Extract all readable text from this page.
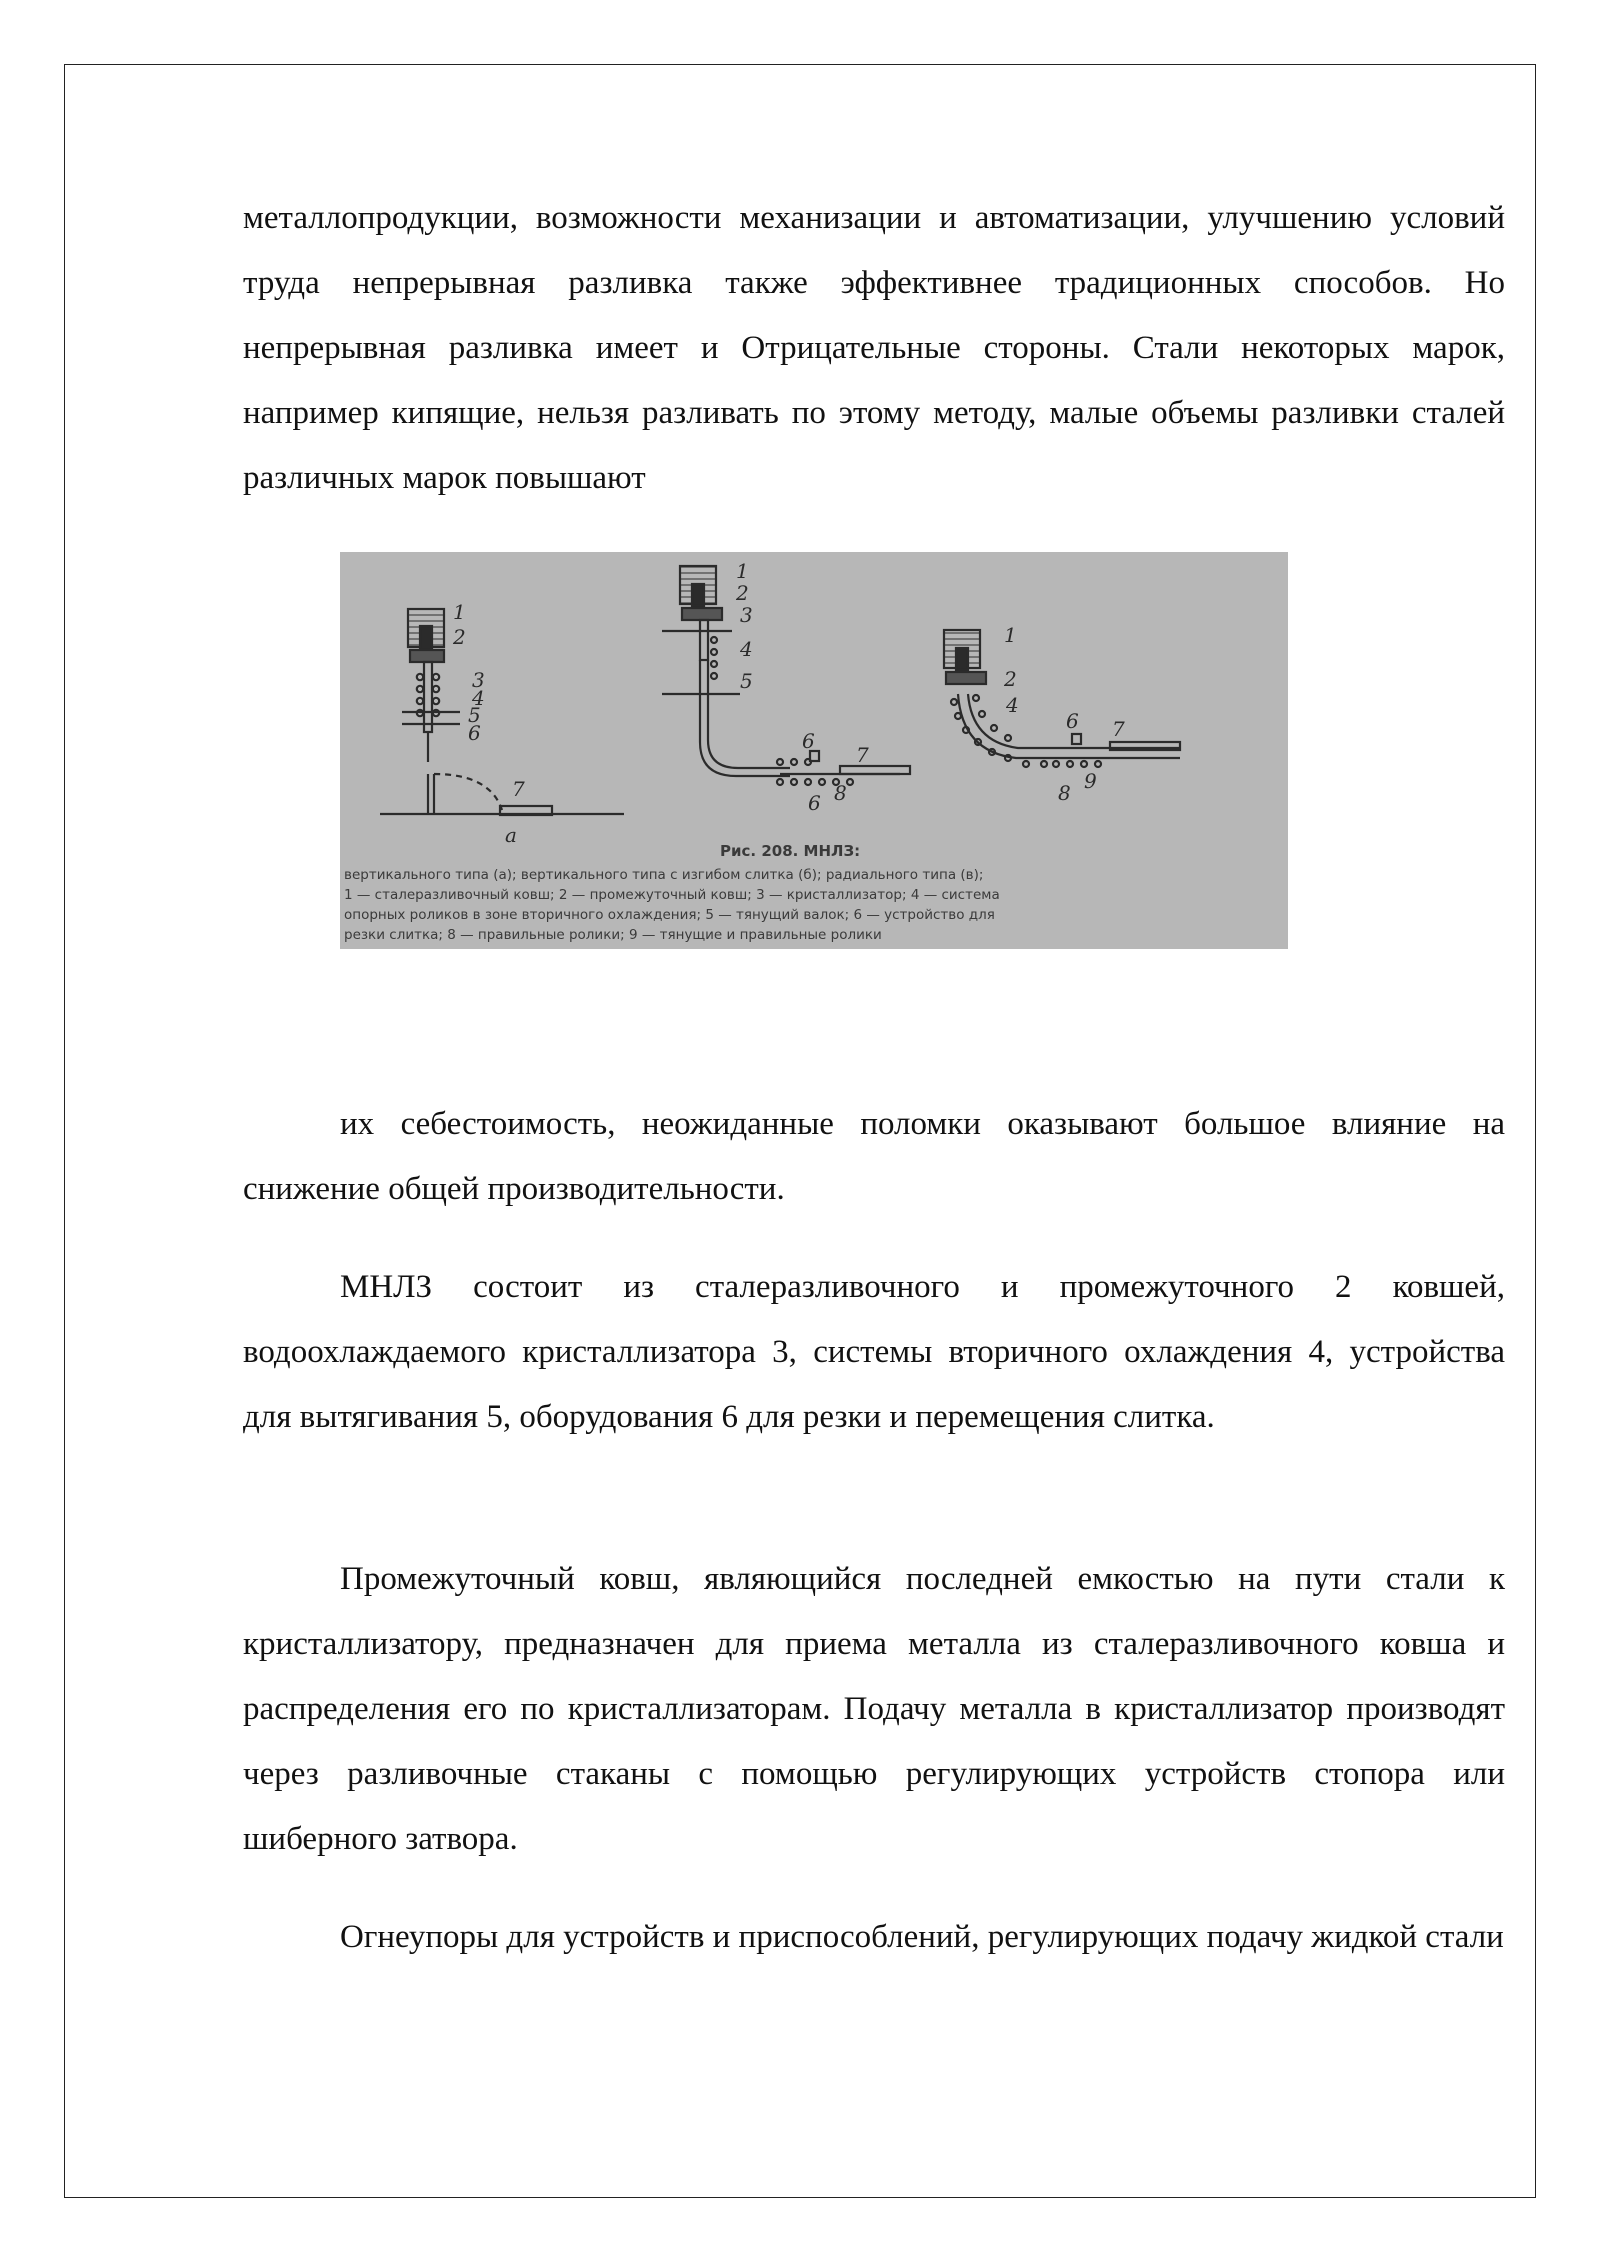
металлопродукции, возможности механизации и автоматизации, улучшению условий труда непрерывная разливка также эффективнее традиционных способов. Но непрерывная разливка имеет и Отрицательные стороны. Стали некоторых марок, например кипящие, нельзя разливать по этому методу, малые объемы разливки сталей различных марок повышают

1
2
3
4
5
6
7
а
1
2
3
4
5
6
7
6 8
1
2
4
6 7
8 9
Рис. 208. МНЛЗ:
вертикального типа (а); вертикального типа с изгибом слитка (б); радиального типа (в);
1 — сталеразливочный ковш; 2 — промежуточный ковш; 3 — кристаллизатор; 4 — система
опорных роликов в зоне вторичного охлаждения; 5 — тянущий валок; 6 — устройство для
резки слитка; 8 — правильные ролики; 9 — тянущие и правильные ролики

их себестоимость, неожиданные поломки оказывают большое влияние на снижение общей производительности.

МНЛЗ состоит из сталеразливочного и промежуточного 2 ковшей, водоохлаждаемого кристаллизатора 3, системы вторичного охлаждения 4, устройства для вытягивания 5, оборудования 6 для резки и перемещения слитка.

Промежуточный ковш, являющийся последней емкостью на пути стали к кристаллизатору, предназначен для приема металла из сталеразливочного ковша и распределения его по кристаллизаторам. Подачу металла в кристаллизатор производят через разливочные стаканы с помощью регулирующих устройств стопора или шиберного затвора.

Огнеупоры для устройств и приспособлений, регулирующих подачу жидкой стали
